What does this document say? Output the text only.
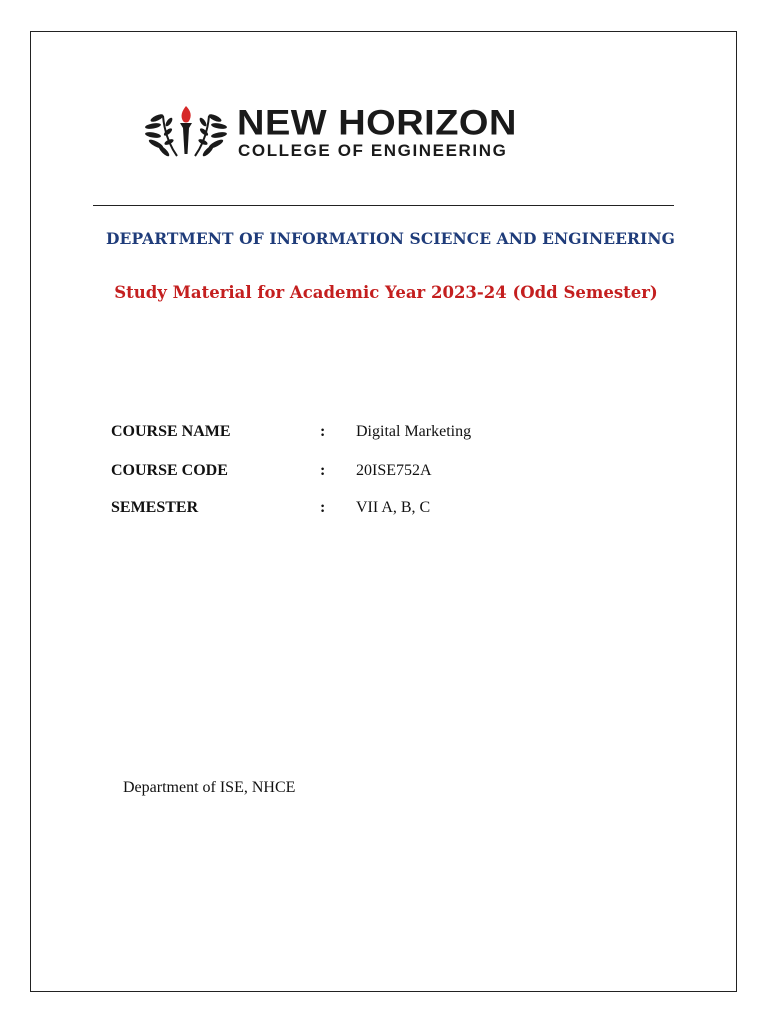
NEW HORIZON
COLLEGE OF ENGINEERING
DEPARTMENT OF INFORMATION SCIENCE AND ENGINEERING
Study Material for Academic Year 2023-24 (Odd Semester)
COURSE NAME	: Digital Marketing
COURSE CODE	: 20ISE752A
SEMESTER	: VII A, B, C
Department of ISE, NHCE
